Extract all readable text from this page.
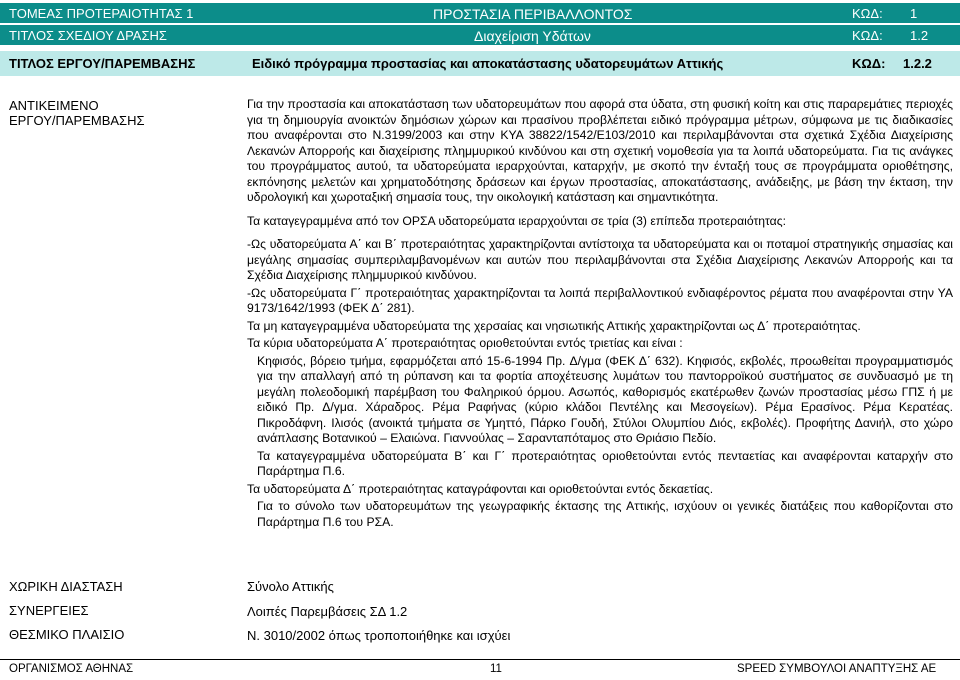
ΤΟΜΕΑΣ ΠΡΟΤΕΡΑΙΟΤΗΤΑΣ 1	ΠΡΟΣΤΑΣΙΑ ΠΕΡΙΒΑΛΛΟΝΤΟΣ	ΚΩΔ: 1
ΤΙΤΛΟΣ ΣΧΕΔΙΟΥ ΔΡΑΣΗΣ	Διαχείριση Υδάτων	ΚΩΔ: 1.2
ΤΙΤΛΟΣ ΕΡΓΟΥ/ΠΑΡΕΜΒΑΣΗΣ	Ειδικό πρόγραμμα προστασίας και αποκατάστασης υδατορευμάτων Αττικής	ΚΩΔ: 1.2.2
ΑΝΤΙΚΕΙΜΕΝΟ
ΕΡΓΟΥ/ΠΑΡΕΜΒΑΣΗΣ

Για την προστασία και αποκατάσταση των υδατορευμάτων που αφορά στα ύδατα, στη φυσική κοίτη και στις παραρεμάτιες περιοχές για τη δημιουργία ανοικτών δημόσιων χώρων και πρασίνου προβλέπεται ειδικό πρόγραμμα μέτρων, σύμφωνα με τις διαδικασίες που αναφέρονται στο Ν.3199/2003 και στην ΚΥΑ 38822/1542/Ε103/2010 και περιλαμβάνονται στα σχετικά Σχέδια Διαχείρισης Λεκανών Απορροής και διαχείρισης πλημμυρικού κινδύνου και στη σχετική νομοθεσία για τα λοιπά υδατορεύματα. Για τις ανάγκες του προγράμματος αυτού, τα υδατορεύματα ιεραρχούνται, καταρχήν, με σκοπό την ένταξή τους σε προγράμματα οριοθέτησης, εκπόνησης μελετών και χρηματοδότησης δράσεων και έργων προστασίας, αποκατάστασης, ανάδειξης, με βάση την έκταση, την υδρολογική και χωροταξική σημασία τους, την οικολογική κατάσταση και σημαντικότητα.

Τα καταγεγραμμένα από τον ΟΡΣΑ υδατορεύματα ιεραρχούνται σε τρία (3) επίπεδα προτεραιότητας:

-Ως υδατορεύματα Α΄ και Β΄ προτεραιότητας χαρακτηρίζονται αντίστοιχα τα υδατορεύματα και οι ποταμοί στρατηγικής σημασίας και μεγάλης σημασίας συμπεριλαμβανομένων και αυτών που περιλαμβάνονται στα Σχέδια Διαχείρισης Λεκανών Απορροής και τα Σχέδια Διαχείρισης πλημμυρικού κινδύνου.

-Ως υδατορεύματα Γ΄ προτεραιότητας χαρακτηρίζονται τα λοιπά περιβαλλοντικού ενδιαφέροντος ρέματα που αναφέρονται στην ΥΑ 9173/1642/1993 (ΦΕΚ Δ΄ 281).

Τα μη καταγεγραμμένα υδατορεύματα της χερσαίας και νησιωτικής Αττικής χαρακτηρίζονται ως Δ΄ προτεραιότητας.

Τα κύρια υδατορεύματα Α΄ προτεραιότητας οριοθετούνται εντός τριετίας και είναι :

Κηφισός, βόρειο τμήμα, εφαρμόζεται από 15-6-1994 Πр. Δ/γμα (ΦΕΚ Δ΄ 632). Κηφισός, εκβολές, προωθείται προγραμματισμός για την απαλλαγή από τη ρύπανση και τα φορτία αποχέτευσης λυμάτων του παντορροϊκού συστήματος σε συνδυασμό με τη μεγάλη πολεοδομική παρέμβαση του Φαληρικού όρμου. Ασωπός, καθορισμός εκατέρωθεν ζωνών προστασίας μέσω ΓΠΣ ή με ειδικό Πр. Δ/γμα. Χάραδρος. Ρέμα Ραφήνας (κύριο κλάδοι Πεντέλης και Μεσογείων). Ρέμα Ερασίνος. Ρέμα Κερατέας. Πικροδάφνη. Ιλισός (ανοικτά τμήματα σε Υμηττό, Πάρκο Γουδή, Στύλοι Ολυμπίου Διός, εκβολές). Προφήτης Δανιήλ, στο χώρο ανάπλασης Βοτανικού – Ελαιώνα. Γιαννούλας – Σαρανταπόταμος στο Θριάσιο Πεδίο.

Τα καταγεγραμμένα υδατορεύματα Β΄ και Γ΄ προτεραιότητας οριοθετούνται εντός πενταετίας και αναφέρονται καταρχήν στο Παράρτημα Π.6.

Τα υδατορεύματα Δ΄ προτεραιότητας καταγράφονται και οριοθετούνται εντός δεκαετίας.

Για το σύνολο των υδατορευμάτων της γεωγραφικής έκτασης της Αττικής, ισχύουν οι γενικές διατάξεις που καθορίζονται στο Παράρτημα Π.6 του ΡΣΑ.

ΧΩΡΙΚΗ ΔΙΑΣΤΑΣΗ	Σύνολο Αττικής
ΣΥΝΕΡΓΕΙΕΣ	Λοιπές Παρεμβάσεις ΣΔ 1.2
ΘΕΣΜΙΚΟ ΠΛΑΙΣΙΟ	Ν. 3010/2002 όπως τροποποιήθηκε και ισχύει
ΟΡΓΑΝΙΣΜΟΣ ΑΘΗΝΑΣ	11	SPEED ΣΥΜΒΟΥΛΟΙ ΑΝΑΠΤΥΞΗΣ ΑΕ
